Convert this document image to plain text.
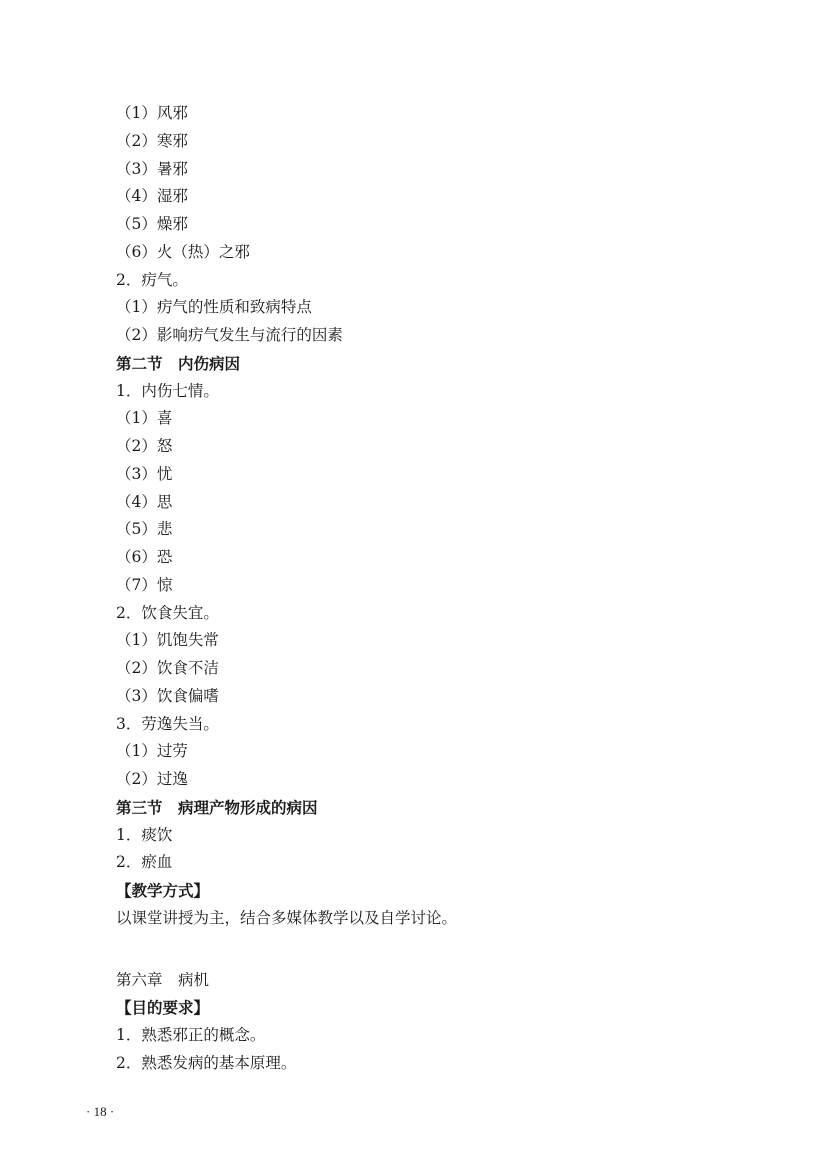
（1）风邪
（2）寒邪
（3）暑邪
（4）湿邪
（5）燥邪
（6）火（热）之邪
2．疠气。
（1）疠气的性质和致病特点
（2）影响疠气发生与流行的因素
第二节　内伤病因
1．内伤七情。
（1）喜
（2）怒
（3）忧
（4）思
（5）悲
（6）恐
（7）惊
2．饮食失宜。
（1）饥饱失常
（2）饮食不洁
（3）饮食偏嗜
3．劳逸失当。
（1）过劳
（2）过逸
第三节　病理产物形成的病因
1．痰饮
2．瘀血
【教学方式】
以课堂讲授为主，结合多媒体教学以及自学讨论。
第六章　病机
【目的要求】
1．熟悉邪正的概念。
2．熟悉发病的基本原理。
· 18 ·
